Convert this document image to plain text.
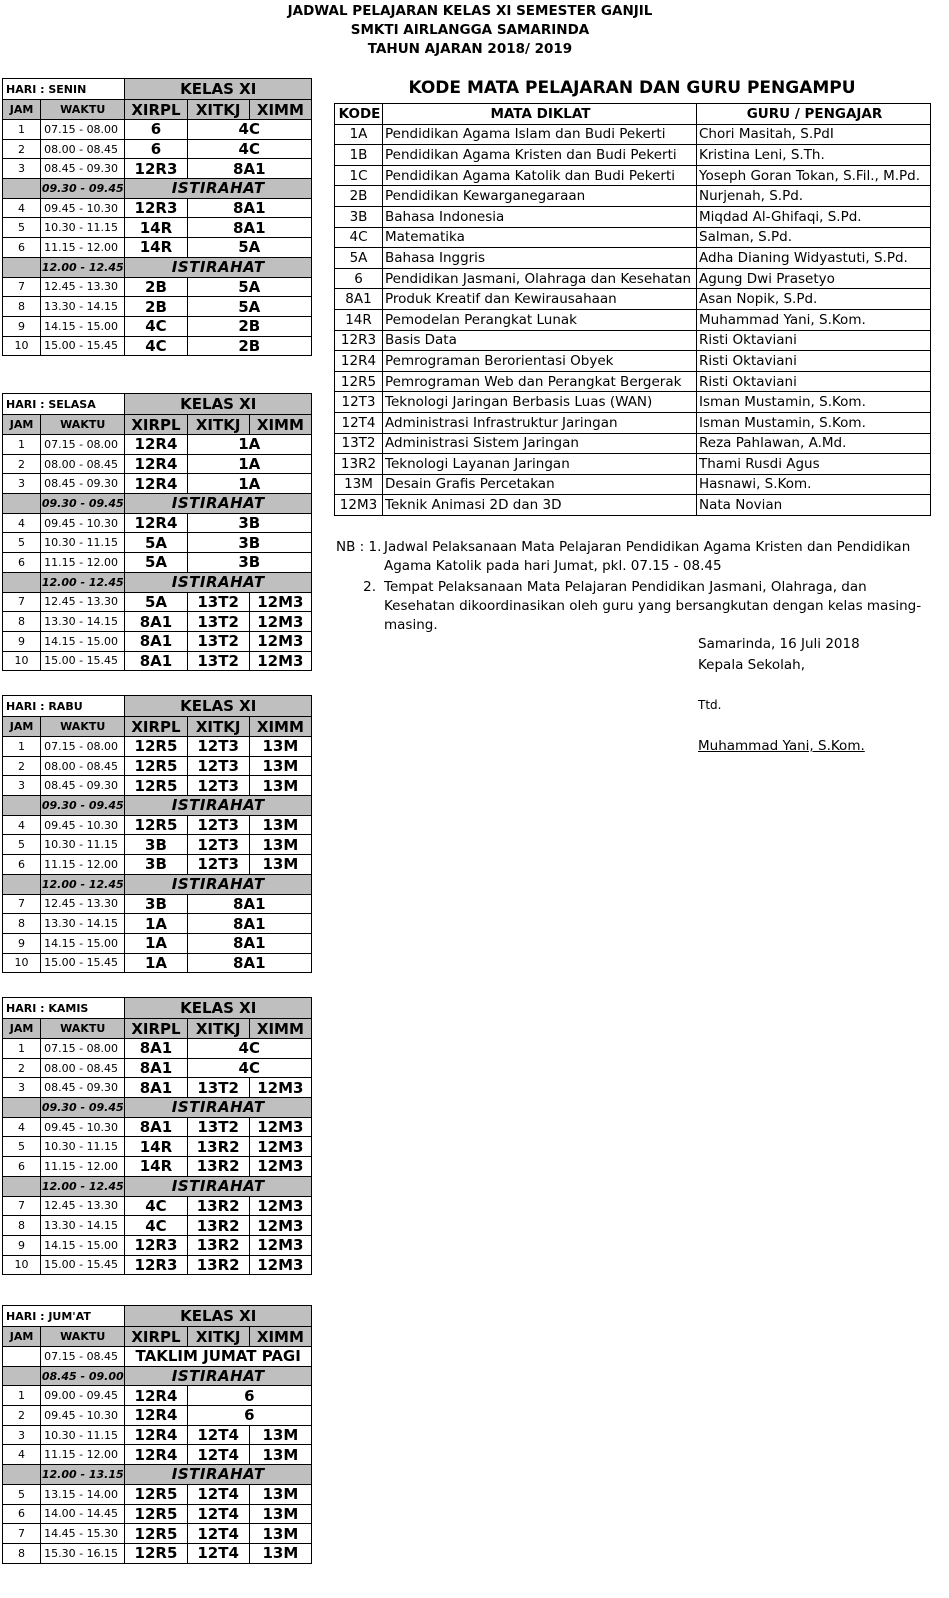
JADWAL PELAJARAN KELAS XI SEMESTER GANJIL
SMKTI AIRLANGGA SAMARINDA
TAHUN AJARAN 2018/ 2019
HARI : SENIN		KELAS XI		
JAM	WAKTU	XIRPL	XITKJ	XIMM
1	07.15 - 08.00	6	4C	
2	08.00 - 08.45	6	4C	
3	08.45 - 09.30	12R3	8A1	
	09.30 - 09.45	ISTIRAHAT		
4	09.45 - 10.30	12R3	8A1	
5	10.30 - 11.15	14R	8A1	
6	11.15 - 12.00	14R	5A	
	12.00 - 12.45	ISTIRAHAT		
7	12.45 - 13.30	2B	5A	
8	13.30 - 14.15	2B	5A	
9	14.15 - 15.00	4C	2B	
10	15.00 - 15.45	4C	2B	
HARI : SELASA		KELAS XI		
JAM	WAKTU	XIRPL	XITKJ	XIMM
1	07.15 - 08.00	12R4	1A	
2	08.00 - 08.45	12R4	1A	
3	08.45 - 09.30	12R4	1A	
	09.30 - 09.45	ISTIRAHAT		
4	09.45 - 10.30	12R4	3B	
5	10.30 - 11.15	5A	3B	
6	11.15 - 12.00	5A	3B	
	12.00 - 12.45	ISTIRAHAT		
7	12.45 - 13.30	5A	13T2	12M3
8	13.30 - 14.15	8A1	13T2	12M3
9	14.15 - 15.00	8A1	13T2	12M3
10	15.00 - 15.45	8A1	13T2	12M3
HARI : RABU		KELAS XI		
JAM	WAKTU	XIRPL	XITKJ	XIMM
1	07.15 - 08.00	12R5	12T3	13M
2	08.00 - 08.45	12R5	12T3	13M
3	08.45 - 09.30	12R5	12T3	13M
	09.30 - 09.45	ISTIRAHAT		
4	09.45 - 10.30	12R5	12T3	13M
5	10.30 - 11.15	3B	12T3	13M
6	11.15 - 12.00	3B	12T3	13M
	12.00 - 12.45	ISTIRAHAT		
7	12.45 - 13.30	3B	8A1	
8	13.30 - 14.15	1A	8A1	
9	14.15 - 15.00	1A	8A1	
10	15.00 - 15.45	1A	8A1	
HARI : KAMIS		KELAS XI		
JAM	WAKTU	XIRPL	XITKJ	XIMM
1	07.15 - 08.00	8A1	4C	
2	08.00 - 08.45	8A1	4C	
3	08.45 - 09.30	8A1	13T2	12M3
	09.30 - 09.45	ISTIRAHAT		
4	09.45 - 10.30	8A1	13T2	12M3
5	10.30 - 11.15	14R	13R2	12M3
6	11.15 - 12.00	14R	13R2	12M3
	12.00 - 12.45	ISTIRAHAT		
7	12.45 - 13.30	4C	13R2	12M3
8	13.30 - 14.15	4C	13R2	12M3
9	14.15 - 15.00	12R3	13R2	12M3
10	15.00 - 15.45	12R3	13R2	12M3
HARI : JUM'AT		KELAS XI		
JAM	WAKTU	XIRPL	XITKJ	XIMM
	07.15 - 08.45	TAKLIM JUMAT PAGI		
	08.45 - 09.00	ISTIRAHAT		
1	09.00 - 09.45	12R4	6	
2	09.45 - 10.30	12R4	6	
3	10.30 - 11.15	12R4	12T4	13M
4	11.15 - 12.00	12R4	12T4	13M
	12.00 - 13.15	ISTIRAHAT		
5	13.15 - 14.00	12R5	12T4	13M
6	14.00 - 14.45	12R5	12T4	13M
7	14.45 - 15.30	12R5	12T4	13M
8	15.30 - 16.15	12R5	12T4	13M
KODE MATA PELAJARAN DAN GURU PENGAMPU
KODE	MATA DIKLAT	GURU / PENGAJAR
1A	Pendidikan Agama Islam dan Budi Pekerti	Chori Masitah, S.PdI
1B	Pendidikan Agama Kristen dan Budi Pekerti	Kristina Leni, S.Th.
1C	Pendidikan Agama Katolik dan Budi Pekerti	Yoseph Goran Tokan, S.Fil., M.Pd.
2B	Pendidikan Kewarganegaraan	Nurjenah, S.Pd.
3B	Bahasa Indonesia	Miqdad Al-Ghifaqi, S.Pd.
4C	Matematika	Salman, S.Pd.
5A	Bahasa Inggris	Adha Dianing Widyastuti, S.Pd.
6	Pendidikan Jasmani, Olahraga dan Kesehatan	Agung Dwi Prasetyo
8A1	Produk Kreatif dan Kewirausahaan	Asan Nopik, S.Pd.
14R	Pemodelan Perangkat Lunak	Muhammad Yani, S.Kom.
12R3	Basis Data	Risti Oktaviani
12R4	Pemrograman Berorientasi Obyek	Risti Oktaviani
12R5	Pemrograman Web dan Perangkat Bergerak	Risti Oktaviani
12T3	Teknologi Jaringan Berbasis Luas (WAN)	Isman Mustamin, S.Kom.
12T4	Administrasi Infrastruktur Jaringan	Isman Mustamin, S.Kom.
13T2	Administrasi Sistem Jaringan	Reza Pahlawan, A.Md.
13R2	Teknologi Layanan Jaringan	Thami Rusdi Agus
13M	Desain Grafis Percetakan	Hasnawi, S.Kom.
12M3	Teknik Animasi 2D dan 3D	Nata Novian
NB : 1. Jadwal Pelaksanaan Mata Pelajaran Pendidikan Agama Kristen dan Pendidikan Agama Katolik pada hari Jumat, pkl. 07.15 - 08.45
2. Tempat Pelaksanaan Mata Pelajaran Pendidikan Jasmani, Olahraga, dan Kesehatan dikoordinasikan oleh guru yang bersangkutan dengan kelas masing-masing.
Samarinda, 16 Juli 2018
Kepala Sekolah,
Ttd.
Muhammad Yani, S.Kom.
